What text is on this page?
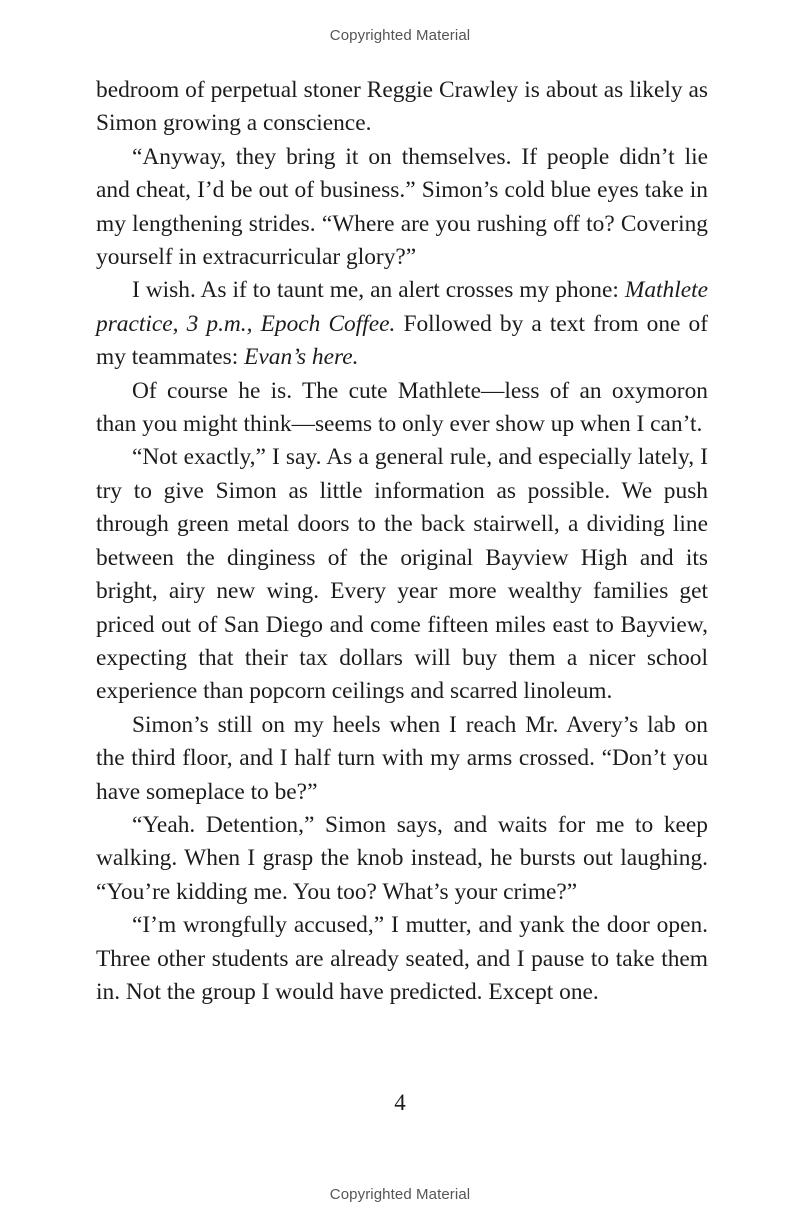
Copyrighted Material

bedroom of perpetual stoner Reggie Crawley is about as likely as Simon growing a conscience.

“Anyway, they bring it on themselves. If people didn’t lie and cheat, I’d be out of business.” Simon’s cold blue eyes take in my lengthening strides. “Where are you rushing off to? Covering yourself in extracurricular glory?”

I wish. As if to taunt me, an alert crosses my phone: Mathlete practice, 3 p.m., Epoch Coffee. Followed by a text from one of my teammates: Evan’s here.

Of course he is. The cute Mathlete—less of an oxymoron than you might think—seems to only ever show up when I can’t.

“Not exactly,” I say. As a general rule, and especially lately, I try to give Simon as little information as possible. We push through green metal doors to the back stairwell, a dividing line between the dinginess of the original Bayview High and its bright, airy new wing. Every year more wealthy families get priced out of San Diego and come fifteen miles east to Bayview, expecting that their tax dollars will buy them a nicer school experience than popcorn ceilings and scarred linoleum.

Simon’s still on my heels when I reach Mr. Avery’s lab on the third floor, and I half turn with my arms crossed. “Don’t you have someplace to be?”

“Yeah. Detention,” Simon says, and waits for me to keep walking. When I grasp the knob instead, he bursts out laughing. “You’re kidding me. You too? What’s your crime?”

“I’m wrongfully accused,” I mutter, and yank the door open. Three other students are already seated, and I pause to take them in. Not the group I would have predicted. Except one.

4
Copyrighted Material
